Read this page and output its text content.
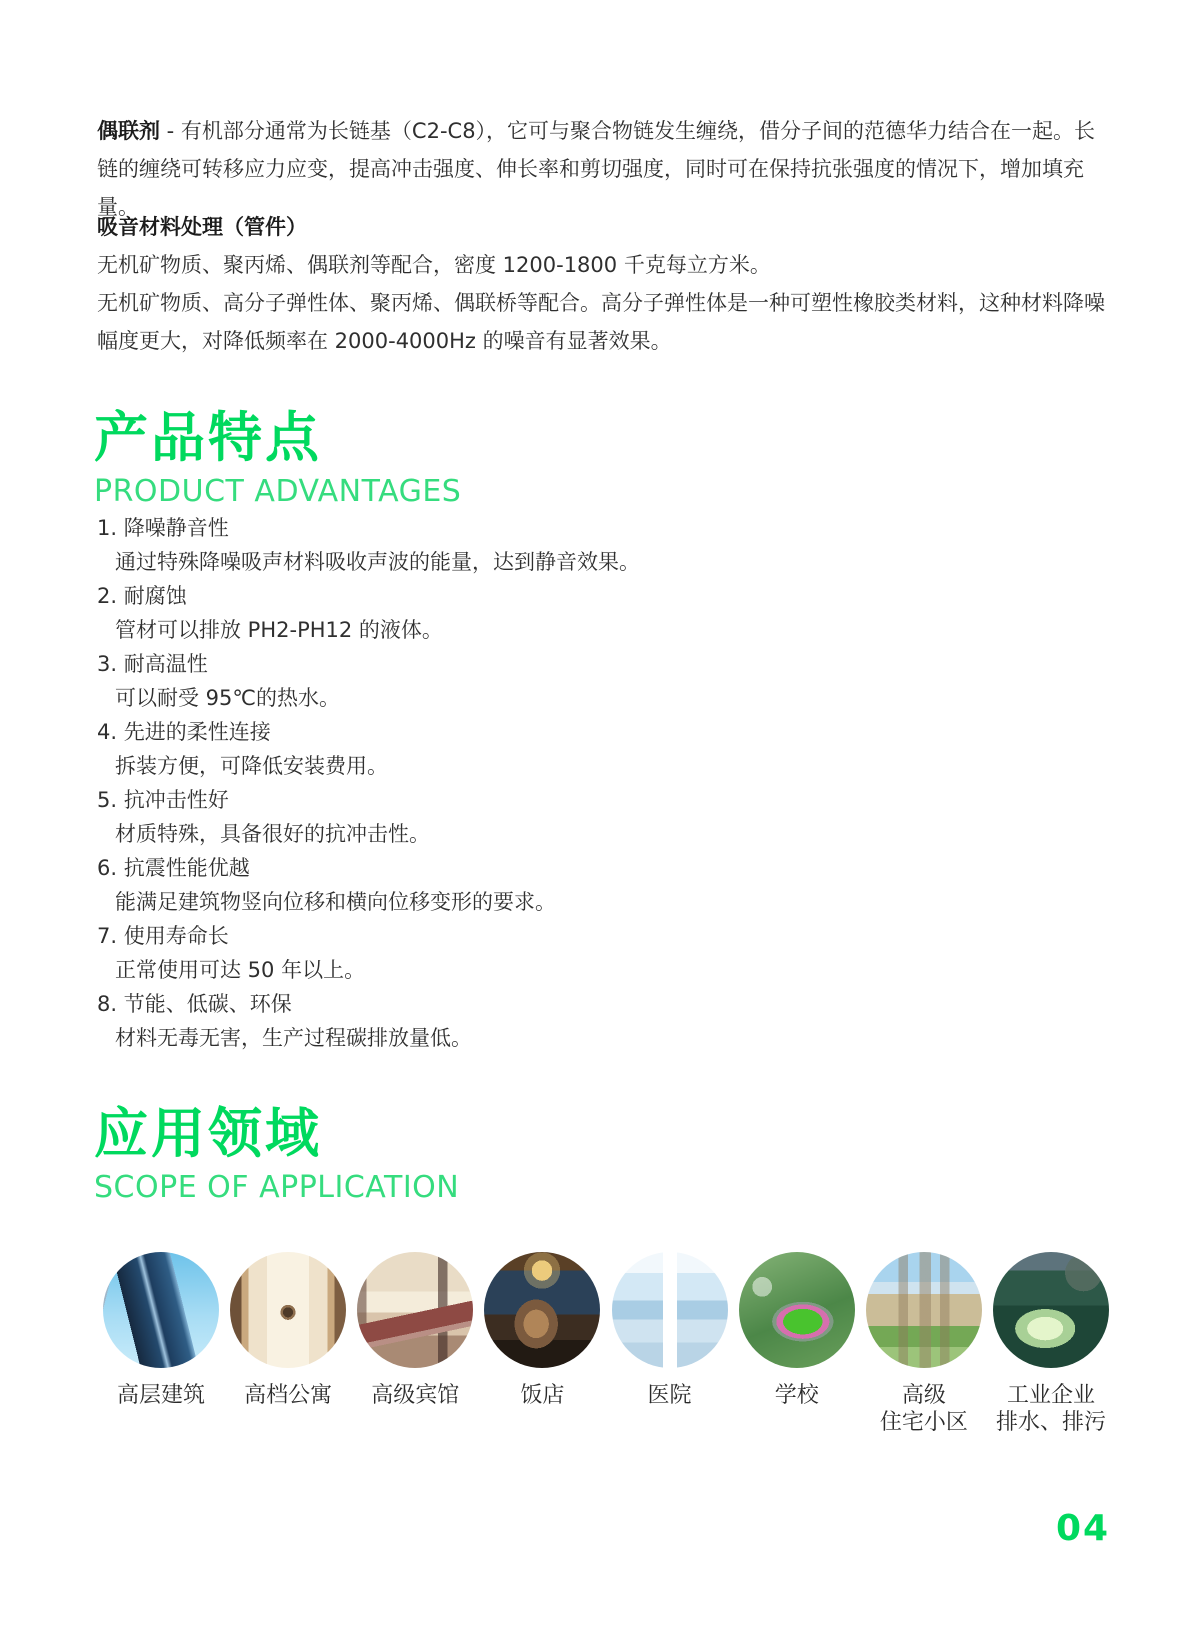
偶联剂 - 有机部分通常为长链基（C2-C8），它可与聚合物链发生缠绕，借分子间的范德华力结合在一起。长链的缠绕可转移应力应变，提高冲击强度、伸长率和剪切强度，同时可在保持抗张强度的情况下，增加填充量。

吸音材料处理（管件）
无机矿物质、聚丙烯、偶联剂等配合，密度 1200-1800 千克每立方米。
无机矿物质、高分子弹性体、聚丙烯、偶联桥等配合。高分子弹性体是一种可塑性橡胶类材料，这种材料降噪幅度更大，对降低频率在 2000-4000Hz 的噪音有显著效果。
产品特点
PRODUCT ADVANTAGES
1. 降噪静音性
通过特殊降噪吸声材料吸收声波的能量，达到静音效果。
2. 耐腐蚀
管材可以排放 PH2-PH12 的液体。
3. 耐高温性
可以耐受 95℃的热水。
4. 先进的柔性连接
拆装方便，可降低安装费用。
5. 抗冲击性好
材质特殊，具备很好的抗冲击性。
6. 抗震性能优越
能满足建筑物竖向位移和横向位移变形的要求。
7. 使用寿命长
正常使用可达 50 年以上。
8. 节能、低碳、环保
材料无毒无害，生产过程碳排放量低。
应用领域
SCOPE OF APPLICATION
高层建筑 高档公寓 高级宾馆	饭店	医院	学校	高级
住宅小区
工业企业
排水、排污
04
